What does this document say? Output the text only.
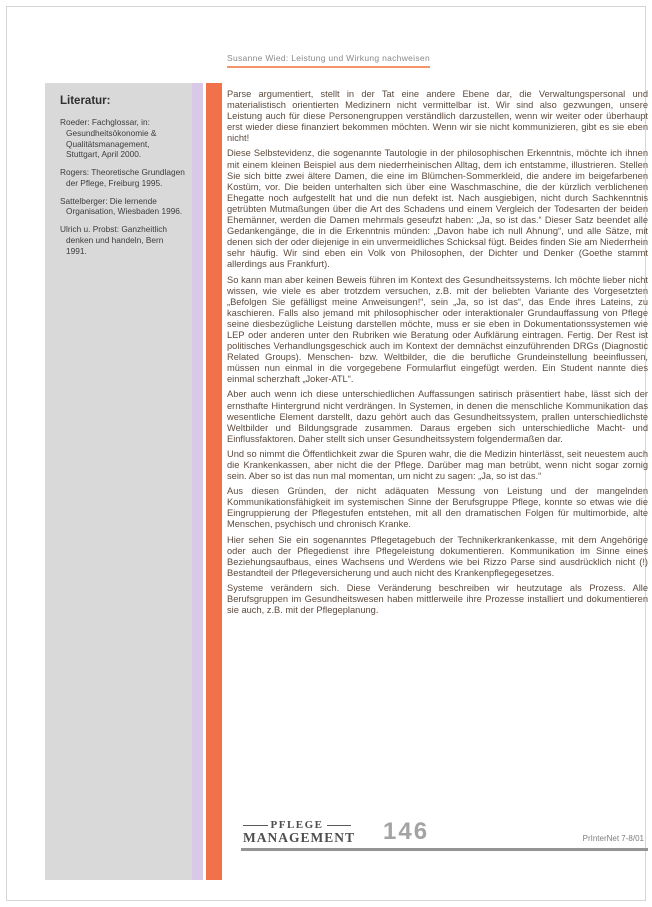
Susanne Wied: Leistung und Wirkung nachweisen
Literatur:
Roeder: Fachglossar, in: Gesundheitsökonomie & Qualitätsmanagement, Stuttgart, April 2000.
Rogers: Theoretische Grundlagen der Pflege, Freiburg 1995.
Sattelberger: Die lernende Organisation, Wiesbaden 1996.
Ulrich u. Probst: Ganzheitlich denken und handeln, Bern 1991.

Parse argumentiert, stellt in der Tat eine andere Ebene dar, die Verwaltungspersonal und materialistisch orientierten Medizinern nicht vermittelbar ist. Wir sind also gezwungen, unsere Leistung auch für diese Personengruppen verständlich darzustellen, wenn wir weiter oder überhaupt erst wieder diese finanziert bekommen möchten. Wenn wir sie nicht kommunizieren, gibt es sie eben nicht!

Diese Selbstevidenz, die sogenannte Tautologie in der philosophischen Erkenntnis, möchte ich ihnen mit einem kleinen Beispiel aus dem niederrheinischen Alltag, dem ich entstamme, illustrieren. Stellen Sie sich bitte zwei ältere Damen, die eine im Blümchen-Sommerkleid, die andere im beigefarbenen Kostüm, vor. Die beiden unterhalten sich über eine Waschmaschine, die der kürzlich verblichenen Ehegatte noch aufgestellt hat und die nun defekt ist. Nach ausgiebigen, nicht durch Sachkenntnis getrübten Mutmaßungen über die Art des Schadens und einem Vergleich der Todesarten der beiden Ehemänner, werden die Damen mehrmals geseufzt haben: „Ja, so ist das.“ Dieser Satz beendet alle Gedankengänge, die in die Erkenntnis münden: „Davon habe ich null Ahnung“, und alle Sätze, mit denen sich der oder diejenige in ein unvermeidliches Schicksal fügt. Beides finden Sie am Niederrhein sehr häufig. Wir sind eben ein Volk von Philosophen, der Dichter und Denker (Goethe stammt allerdings aus Frankfurt).

So kann man aber keinen Beweis führen im Kontext des Gesundheitssystems. Ich möchte lieber nicht wissen, wie viele es aber trotzdem versuchen, z.B. mit der beliebten Variante des Vorgesetzten „Befolgen Sie gefälligst meine Anweisungen!“, sein „Ja, so ist das“, das Ende ihres Lateins, zu kaschieren. Falls also jemand mit philosophischer oder interaktionaler Grundauffassung von Pflege seine diesbezügliche Leistung darstellen möchte, muss er sie eben in Dokumentationssystemen wie LEP oder anderen unter den Rubriken wie Beratung oder Aufklärung eintragen. Fertig. Der Rest ist politisches Verhandlungsgeschick auch im Kontext der demnächst einzuführenden DRGs (Diagnostic Related Groups). Menschen- bzw. Weltbilder, die die berufliche Grundeinstellung beeinflussen, müssen nun einmal in die vorgegebene Formularflut eingefügt werden. Ein Student nannte dies einmal scherzhaft „Joker-ATL“.

Aber auch wenn ich diese unterschiedlichen Auffassungen satirisch präsentiert habe, lässt sich der ernsthafte Hintergrund nicht verdrängen. In Systemen, in denen die menschliche Kommunikation das wesentliche Element darstellt, dazu gehört auch das Gesundheitssystem, prallen unterschiedlichste Weltbilder und Bildungsgrade zusammen. Daraus ergeben sich unterschiedliche Macht- und Einflussfaktoren. Daher stellt sich unser Gesundheitssystem folgendermaßen dar.

Und so nimmt die Öffentlichkeit zwar die Spuren wahr, die die Medizin hinterlässt, seit neuestem auch die Krankenkassen, aber nicht die der Pflege. Darüber mag man betrübt, wenn nicht sogar zornig sein. Aber so ist das nun mal momentan, um nicht zu sagen: „Ja, so ist das.“

Aus diesen Gründen, der nicht adäquaten Messung von Leistung und der mangelnden Kommunikationsfähigkeit im systemischen Sinne der Berufsgruppe Pflege, konnte so etwas wie die Eingruppierung der Pflegestufen entstehen, mit all den dramatischen Folgen für multimorbide, alte Menschen, psychisch und chronisch Kranke.

Hier sehen Sie ein sogenanntes Pflegetagebuch der Technikerkrankenkasse, mit dem Angehörige oder auch der Pflegedienst ihre Pflegeleistung dokumentieren. Kommunikation im Sinne eines Beziehungsaufbaus, eines Wachsens und Werdens wie bei Rizzo Parse sind ausdrücklich nicht (!) Bestandteil der Pflegeversicherung und auch nicht des Krankenpflegegesetzes.

Systeme verändern sich. Diese Veränderung beschreiben wir heutzutage als Prozess. Alle Berufsgruppen im Gesundheitswesen haben mittlerweile ihre Prozesse installiert und dokumentieren sie auch, z.B. mit der Pflegeplanung.

PFLEGE
MANAGEMENT 146	PrInterNet 7-8/01
